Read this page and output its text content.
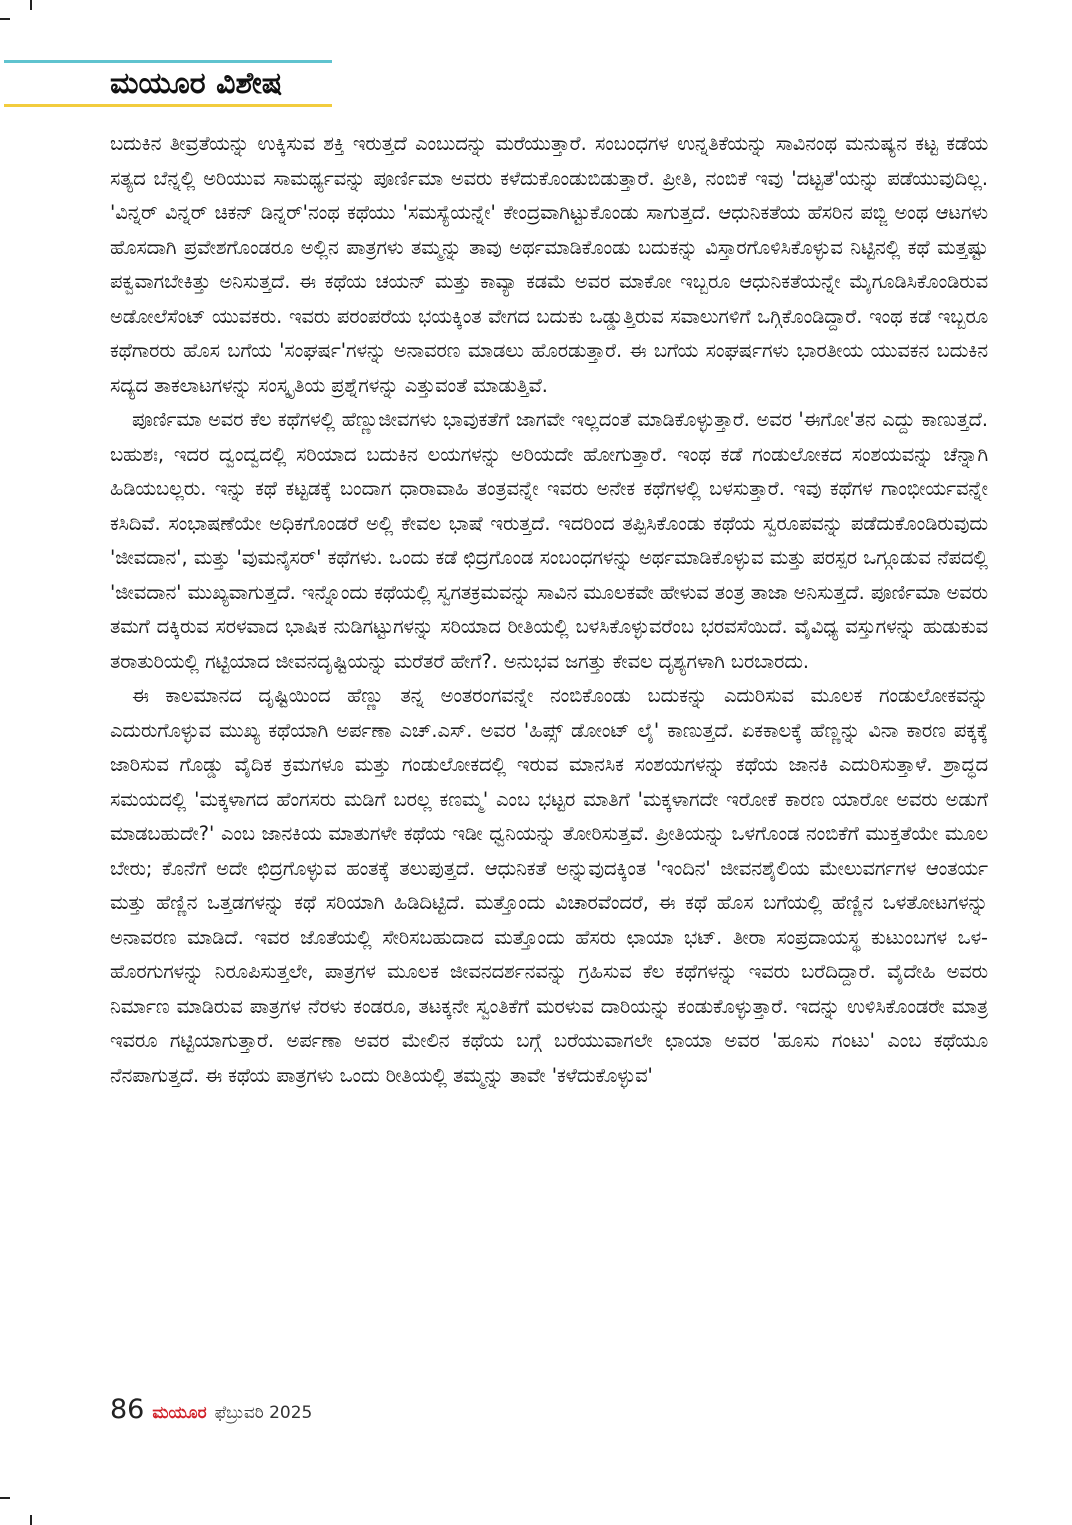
ಮಯೂರ ವಿಶೇಷ

ಬದುಕಿನ ತೀವ್ರತೆಯನ್ನು ಉಕ್ಕಿಸುವ ಶಕ್ತಿ ಇರುತ್ತದೆ ಎಂಬುದನ್ನು ಮರೆಯುತ್ತಾರೆ. ಸಂಬಂಧಗಳ ಉನ್ನತಿಕೆಯನ್ನು ಸಾವಿನಂಥ ಮನುಷ್ಯನ ಕಟ್ಟ ಕಡೆಯ ಸತ್ಯದ ಬೆನ್ನಲ್ಲಿ ಅರಿಯುವ ಸಾಮರ್ಥ್ಯವನ್ನು ಪೂರ್ಣಿಮಾ ಅವರು ಕಳೆದುಕೊಂಡುಬಿಡುತ್ತಾರೆ. ಪ್ರೀತಿ, ನಂಬಿಕೆ ಇವು 'ದಟ್ಟತೆ'ಯನ್ನು ಪಡೆಯುವುದಿಲ್ಲ. 'ವಿನ್ನರ್ ವಿನ್ನರ್ ಚಿಕನ್ ಡಿನ್ನರ್'ನಂಥ ಕಥೆಯು 'ಸಮಸ್ಯೆಯನ್ನೇ' ಕೇಂದ್ರವಾಗಿಟ್ಟುಕೊಂಡು ಸಾಗುತ್ತದೆ. ಆಧುನಿಕತೆಯ ಹೆಸರಿನ ಪಬ್ಜಿ ಅಂಥ ಆಟಗಳು ಹೊಸದಾಗಿ ಪ್ರವೇಶಗೊಂಡರೂ ಅಲ್ಲಿನ ಪಾತ್ರಗಳು ತಮ್ಮನ್ನು ತಾವು ಅರ್ಥಮಾಡಿಕೊಂಡು ಬದುಕನ್ನು ವಿಸ್ತಾರಗೊಳಿಸಿಕೊಳ್ಳುವ ನಿಟ್ಟಿನಲ್ಲಿ ಕಥೆ ಮತ್ತಷ್ಟು ಪಕ್ವವಾಗಬೇಕಿತ್ತು ಅನಿಸುತ್ತದೆ. ಈ ಕಥೆಯ ಚಯನ್ ಮತ್ತು ಕಾವ್ಯಾ ಕಡಮೆ ಅವರ ಮಾಕೋ ಇಬ್ಬರೂ ಆಧುನಿಕತೆಯನ್ನೇ ಮೈಗೂಡಿಸಿಕೊಂಡಿರುವ ಅಡೋಲೆಸೆಂಟ್ ಯುವಕರು. ಇವರು ಪರಂಪರೆಯ ಭಯಕ್ಕಿಂತ ವೇಗದ ಬದುಕು ಒಡ್ಡುತ್ತಿರುವ ಸವಾಲುಗಳಿಗೆ ಒಗ್ಗಿಕೊಂಡಿದ್ದಾರೆ. ಇಂಥ ಕಡೆ ಇಬ್ಬರೂ ಕಥೆಗಾರರು ಹೊಸ ಬಗೆಯ 'ಸಂಘರ್ಷ'ಗಳನ್ನು ಅನಾವರಣ ಮಾಡಲು ಹೊರಡುತ್ತಾರೆ. ಈ ಬಗೆಯ ಸಂಘರ್ಷಗಳು ಭಾರತೀಯ ಯುವಕನ ಬದುಕಿನ ಸದ್ಯದ ತಾಕಲಾಟಗಳನ್ನು ಸಂಸ್ಕೃತಿಯ ಪ್ರಶ್ನೆಗಳನ್ನು ಎತ್ತುವಂತೆ ಮಾಡುತ್ತಿವೆ.

ಪೂರ್ಣಿಮಾ ಅವರ ಕೆಲ ಕಥೆಗಳಲ್ಲಿ ಹೆಣ್ಣುಜೀವಗಳು ಭಾವುಕತೆಗೆ ಜಾಗವೇ ಇಲ್ಲದಂತೆ ಮಾಡಿಕೊಳ್ಳುತ್ತಾರೆ. ಅವರ 'ಈಗೋ'ತನ ಎದ್ದು ಕಾಣುತ್ತದೆ. ಬಹುಶಃ, ಇದರ ದ್ವಂದ್ವದಲ್ಲಿ ಸರಿಯಾದ ಬದುಕಿನ ಲಯಗಳನ್ನು ಅರಿಯದೇ ಹೋಗುತ್ತಾರೆ. ಇಂಥ ಕಡೆ ಗಂಡುಲೋಕದ ಸಂಶಯವನ್ನು ಚೆನ್ನಾಗಿ ಹಿಡಿಯಬಲ್ಲರು. ಇನ್ನು ಕಥೆ ಕಟ್ಟಡಕ್ಕೆ ಬಂದಾಗ ಧಾರಾವಾಹಿ ತಂತ್ರವನ್ನೇ ಇವರು ಅನೇಕ ಕಥೆಗಳಲ್ಲಿ ಬಳಸುತ್ತಾರೆ. ಇವು ಕಥೆಗಳ ಗಾಂಭೀರ್ಯವನ್ನೇ ಕಸಿದಿವೆ. ಸಂಭಾಷಣೆಯೇ ಅಧಿಕಗೊಂಡರೆ ಅಲ್ಲಿ ಕೇವಲ ಭಾಷೆ ಇರುತ್ತದೆ. ಇದರಿಂದ ತಪ್ಪಿಸಿಕೊಂಡು ಕಥೆಯ ಸ್ವರೂಪವನ್ನು ಪಡೆದುಕೊಂಡಿರುವುದು 'ಜೀವದಾನ', ಮತ್ತು 'ವುಮನೈಸರ್' ಕಥೆಗಳು. ಒಂದು ಕಡೆ ಛಿದ್ರಗೊಂಡ ಸಂಬಂಧಗಳನ್ನು ಅರ್ಥಮಾಡಿಕೊಳ್ಳುವ ಮತ್ತು ಪರಸ್ಪರ ಒಗ್ಗೂಡುವ ನೆಪದಲ್ಲಿ 'ಜೀವದಾನ' ಮುಖ್ಯವಾಗುತ್ತದೆ. ಇನ್ನೊಂದು ಕಥೆಯಲ್ಲಿ ಸ್ವಗತಕ್ರಮವನ್ನು ಸಾವಿನ ಮೂಲಕವೇ ಹೇಳುವ ತಂತ್ರ ತಾಜಾ ಅನಿಸುತ್ತದೆ. ಪೂರ್ಣಿಮಾ ಅವರು ತಮಗೆ ದಕ್ಕಿರುವ ಸರಳವಾದ ಭಾಷಿಕ ನುಡಿಗಟ್ಟುಗಳನ್ನು ಸರಿಯಾದ ರೀತಿಯಲ್ಲಿ ಬಳಸಿಕೊಳ್ಳುವರೆಂಬ ಭರವಸೆಯಿದೆ. ವೈವಿಧ್ಯ ವಸ್ತುಗಳನ್ನು ಹುಡುಕುವ ತರಾತುರಿಯಲ್ಲಿ ಗಟ್ಟಿಯಾದ ಜೀವನದೃಷ್ಟಿಯನ್ನು ಮರೆತರೆ ಹೇಗೆ?. ಅನುಭವ ಜಗತ್ತು ಕೇವಲ ದೃಶ್ಯಗಳಾಗಿ ಬರಬಾರದು.

ಈ ಕಾಲಮಾನದ ದೃಷ್ಟಿಯಿಂದ ಹೆಣ್ಣು ತನ್ನ ಅಂತರಂಗವನ್ನೇ ನಂಬಿಕೊಂಡು ಬದುಕನ್ನು ಎದುರಿಸುವ ಮೂಲಕ ಗಂಡುಲೋಕವನ್ನು ಎದುರುಗೊಳ್ಳುವ ಮುಖ್ಯ ಕಥೆಯಾಗಿ ಅರ್ಪಣಾ ಎಚ್.ಎಸ್. ಅವರ 'ಹಿಪ್ಸ್ ಡೋಂಟ್ ಲೈ' ಕಾಣುತ್ತದೆ. ಏಕಕಾಲಕ್ಕೆ ಹೆಣ್ಣನ್ನು ವಿನಾ ಕಾರಣ ಪಕ್ಕಕ್ಕೆ ಜಾರಿಸುವ ಗೊಡ್ಡು ವೈದಿಕ ಕ್ರಮಗಳೂ ಮತ್ತು ಗಂಡುಲೋಕದಲ್ಲಿ ಇರುವ ಮಾನಸಿಕ ಸಂಶಯಗಳನ್ನು ಕಥೆಯ ಜಾನಕಿ ಎದುರಿಸುತ್ತಾಳೆ. ಶ್ರಾದ್ಧದ ಸಮಯದಲ್ಲಿ 'ಮಕ್ಕಳಾಗದ ಹೆಂಗಸರು ಮಡಿಗೆ ಬರಲ್ಲ ಕಣಮ್ಮ' ಎಂಬ ಭಟ್ಟರ ಮಾತಿಗೆ 'ಮಕ್ಕಳಾಗದೇ ಇರೋಕೆ ಕಾರಣ ಯಾರೋ ಅವರು ಅಡುಗೆ ಮಾಡಬಹುದೇ?' ಎಂಬ ಜಾನಕಿಯ ಮಾತುಗಳೇ ಕಥೆಯ ಇಡೀ ಧ್ವನಿಯನ್ನು ತೋರಿಸುತ್ತವೆ. ಪ್ರೀತಿಯನ್ನು ಒಳಗೊಂಡ ನಂಬಿಕೆಗೆ ಮುಕ್ತತೆಯೇ ಮೂಲ ಬೇರು; ಕೊನೆಗೆ ಅದೇ ಛಿದ್ರಗೊಳ್ಳುವ ಹಂತಕ್ಕೆ ತಲುಪುತ್ತದೆ. ಆಧುನಿಕತೆ ಅನ್ನುವುದಕ್ಕಿಂತ 'ಇಂದಿನ' ಜೀವನಶೈಲಿಯ ಮೇಲುವರ್ಗಗಳ ಆಂತರ್ಯ ಮತ್ತು ಹೆಣ್ಣಿನ ಒತ್ತಡಗಳನ್ನು ಕಥೆ ಸರಿಯಾಗಿ ಹಿಡಿದಿಟ್ಟಿದೆ. ಮತ್ತೊಂದು ವಿಚಾರವೆಂದರೆ, ಈ ಕಥೆ ಹೊಸ ಬಗೆಯಲ್ಲಿ ಹೆಣ್ಣಿನ ಒಳತೋಟಗಳನ್ನು ಅನಾವರಣ ಮಾಡಿದೆ. ಇವರ ಜೊತೆಯಲ್ಲಿ ಸೇರಿಸಬಹುದಾದ ಮತ್ತೊಂದು ಹೆಸರು ಛಾಯಾ ಭಟ್. ತೀರಾ ಸಂಪ್ರದಾಯಸ್ಥ ಕುಟುಂಬಗಳ ಒಳ-ಹೊರಗುಗಳನ್ನು ನಿರೂಪಿಸುತ್ತಲೇ, ಪಾತ್ರಗಳ ಮೂಲಕ ಜೀವನದರ್ಶನವನ್ನು ಗ್ರಹಿಸುವ ಕೆಲ ಕಥೆಗಳನ್ನು ಇವರು ಬರೆದಿದ್ದಾರೆ. ವೈದೇಹಿ ಅವರು ನಿರ್ಮಾಣ ಮಾಡಿರುವ ಪಾತ್ರಗಳ ನೆರಳು ಕಂಡರೂ, ತಟಕ್ಕನೇ ಸ್ವಂತಿಕೆಗೆ ಮರಳುವ ದಾರಿಯನ್ನು ಕಂಡುಕೊಳ್ಳುತ್ತಾರೆ. ಇದನ್ನು ಉಳಿಸಿಕೊಂಡರೇ ಮಾತ್ರ ಇವರೂ ಗಟ್ಟಿಯಾಗುತ್ತಾರೆ. ಅರ್ಪಣಾ ಅವರ ಮೇಲಿನ ಕಥೆಯ ಬಗ್ಗೆ ಬರೆಯುವಾಗಲೇ ಛಾಯಾ ಅವರ 'ಹೂಸು ಗಂಟು' ಎಂಬ ಕಥೆಯೂ ನೆನಪಾಗುತ್ತದೆ. ಈ ಕಥೆಯ ಪಾತ್ರಗಳು ಒಂದು ರೀತಿಯಲ್ಲಿ ತಮ್ಮನ್ನು ತಾವೇ 'ಕಳೆದುಕೊಳ್ಳುವ'

86 ಮಯೂರ ಫೆಬ್ರುವರಿ 2025
